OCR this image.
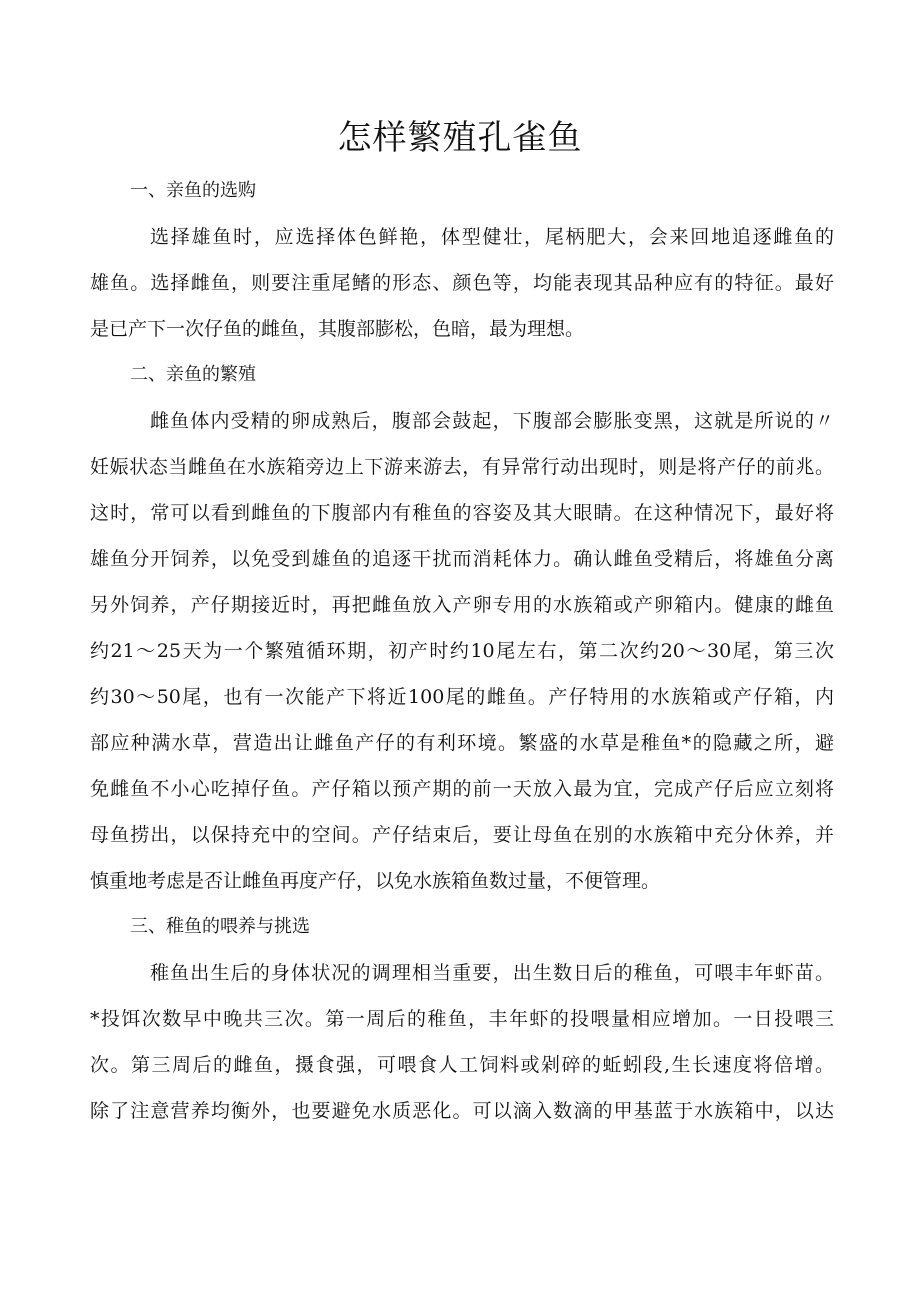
怎样繁殖孔雀鱼
一、亲鱼的选购

选择雄鱼时，应选择体色鲜艳，体型健壮，尾柄肥大，会来回地追逐雌鱼的
雄鱼。选择雌鱼，则要注重尾鳍的形态、颜色等，均能表现其品种应有的特征。最好
是已产下一次仔鱼的雌鱼，其腹部膨松，色暗，最为理想。

二、亲鱼的繁殖

雌鱼体内受精的卵成熟后，腹部会鼓起，下腹部会膨胀变黑，这就是所说的〃
妊娠状态当雌鱼在水族箱旁边上下游来游去，有异常行动出现时，则是将产仔的前兆。
这时，常可以看到雌鱼的下腹部内有稚鱼的容姿及其大眼睛。在这种情况下，最好将
雄鱼分开饲养，以免受到雄鱼的追逐干扰而消耗体力。确认雌鱼受精后，将雄鱼分离
另外饲养，产仔期接近时，再把雌鱼放入产卵专用的水族箱或产卵箱内。健康的雌鱼
约21～25天为一个繁殖循环期，初产时约10尾左右，第二次约20～30尾，第三次
约30～50尾，也有一次能产下将近100尾的雌鱼。产仔特用的水族箱或产仔箱，内
部应种满水草，营造出让雌鱼产仔的有利环境。繁盛的水草是稚鱼*的隐藏之所，避
免雌鱼不小心吃掉仔鱼。产仔箱以预产期的前一天放入最为宜，完成产仔后应立刻将
母鱼捞出，以保持充中的空间。产仔结束后，要让母鱼在别的水族箱中充分休养，并
慎重地考虑是否让雌鱼再度产仔，以免水族箱鱼数过量，不便管理。

三、稚鱼的喂养与挑选

稚鱼出生后的身体状况的调理相当重要，出生数日后的稚鱼，可喂丰年虾苗。
*投饵次数早中晚共三次。第一周后的稚鱼，丰年虾的投喂量相应增加。一日投喂三
次。第三周后的雌鱼，摄食强，可喂食人工饲料或剁碎的蚯蚓段,生长速度将倍增。
除了注意营养均衡外，也要避免水质恶化。可以滴入数滴的甲基蓝于水族箱中，以达
